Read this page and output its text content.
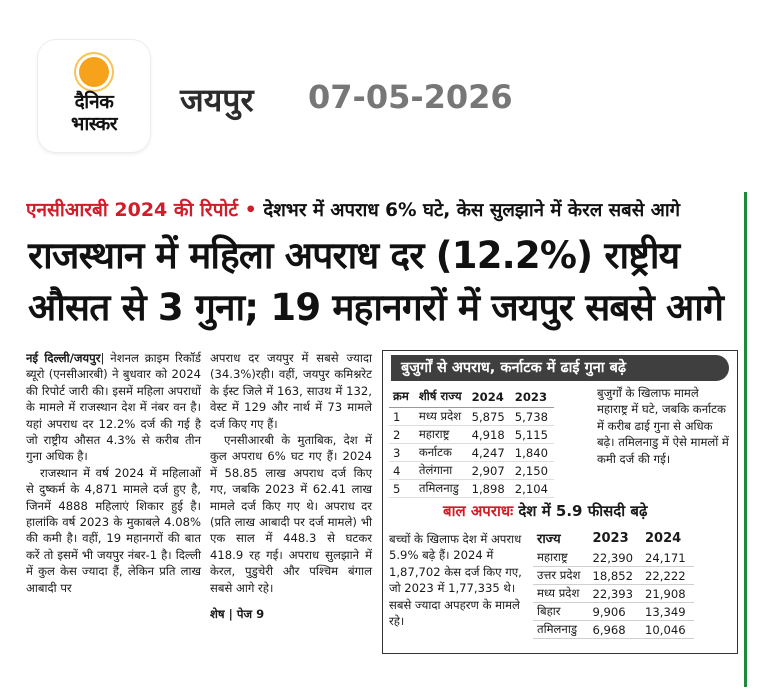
दैनिक
भास्कर
जयपुर 07-05-2026
एनसीआरबी 2024 की रिपोर्ट • देशभर में अपराध 6% घटे, केस सुलझाने में केरल सबसे आगे
राजस्थान में महिला अपराध दर (12.2%) राष्ट्रीय
औसत से 3 गुना; 19 महानगरों में जयपुर सबसे आगे

नई दिल्ली/जयपुर| नेशनल क्राइम रिकॉर्ड ब्यूरो (एनसीआरबी) ने बुधवार को 2024 की रिपोर्ट जारी की। इसमें महिला अपराधों के मामले में राजस्थान देश में नंबर वन है। यहां अपराध दर 12.2% दर्ज की गई है जो राष्ट्रीय औसत 4.3% से करीब तीन गुना अधिक है।

राजस्थान में वर्ष 2024 में महिलाओं से दुष्कर्म के 4,871 मामले दर्ज हुए है, जिनमें 4888 महिलाएं शिकार हुई है। हालांकि वर्ष 2023 के मुकाबले 4.08% की कमी है। वहीं, 19 महानगरों की बात करें तो इसमें भी जयपुर नंबर-1 है। दिल्ली में कुल केस ज्यादा हैं, लेकिन प्रति लाख आबादी पर

अपराध दर जयपुर में सबसे ज्यादा (34.3%)रही। वहीं, जयपुर कमिश्नरेट के ईस्ट जिले में 163, साउथ में 132, वेस्ट में 129 और नार्थ में 73 मामले दर्ज किए गए हैं।

एनसीआरबी के मुताबिक, देश में कुल अपराध 6% घट गए हैं। 2024 में 58.85 लाख अपराध दर्ज किए गए, जबकि 2023 में 62.41 लाख मामले दर्ज किए गए थे। अपराध दर (प्रति लाख आबादी पर दर्ज मामले) भी एक साल में 448.3 से घटकर 418.9 रह गई। अपराध सुलझाने में केरल, पुडुचेरी और पश्चिम बंगाल सबसे आगे रहे।

शेष | पेज 9

बुजुर्गों से अपराध, कर्नाटक में ढाई गुना बढ़े
क्रम	शीर्ष राज्य	2024	2023
1	मध्य प्रदेश	5,875	5,738
2	महाराष्ट्र	4,918	5,115
3	कर्नाटक	4,247	1,840
4	तेलंगाना	2,907	2,150
5	तमिलनाडु	1,898	2,104
बुजुर्गों के खिलाफ मामले महाराष्ट्र में घटे, जबकि कर्नाटक में करीब ढाई गुना से अधिक बढ़े। तमिलनाडु में ऐसे मामलों में कमी दर्ज की गई।
बाल अपराधः देश में 5.9 फीसदी बढ़े
बच्चों के खिलाफ देश में अपराध 5.9% बढ़े हैं। 2024 में 1,87,702 केस दर्ज किए गए, जो 2023 में 1,77,335 थे। सबसे ज्यादा अपहरण के मामले रहे।
राज्य	2023	2024
महाराष्ट्र	22,390	24,171
उत्तर प्रदेश	18,852	22,222
मध्य प्रदेश	22,393	21,908
बिहार	9,906	13,349
तमिलनाडु	6,968	10,046
